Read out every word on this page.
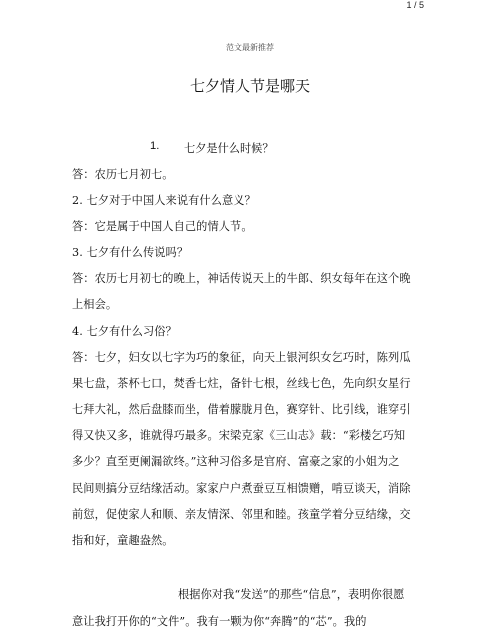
1 / 5
范文最新推荐
七夕情人节是哪天
1. 七夕是什么时候？
答：农历七月初七。
2. 七夕对于中国人来说有什么意义？
答：它是属于中国人自己的情人节。
3. 七夕有什么传说吗？
答：农历七月初七的晚上，神话传说天上的牛郎、织女每年在这个晚
上相会。
4. 七夕有什么习俗？
答：七夕，妇女以七字为巧的象征，向天上银河织女乞巧时，陈列瓜
果七盘，茶杯七口，焚香七炷，备针七根，丝线七色，先向织女星行
七拜大礼，然后盘膝而坐，借着朦胧月色，赛穿针、比引线，谁穿引
得又快又多，谁就得巧最多。宋梁克家《三山志》载：“彩楼乞巧知
多少？直至更阑漏欲终。”这种习俗多是官府、富豪之家的小姐为之
民间则搞分豆结缘活动。家家户户煮蚕豆互相馈赠，啃豆谈天，消除
前愆，促使家人和顺、亲友情深、邻里和睦。孩童学着分豆结缘，交
指和好，童趣盎然。
根据你对我“发送”的那些“信息”，表明你很愿
意让我打开你的“文件”。我有一颗为你“奔腾”的“芯”。我的
